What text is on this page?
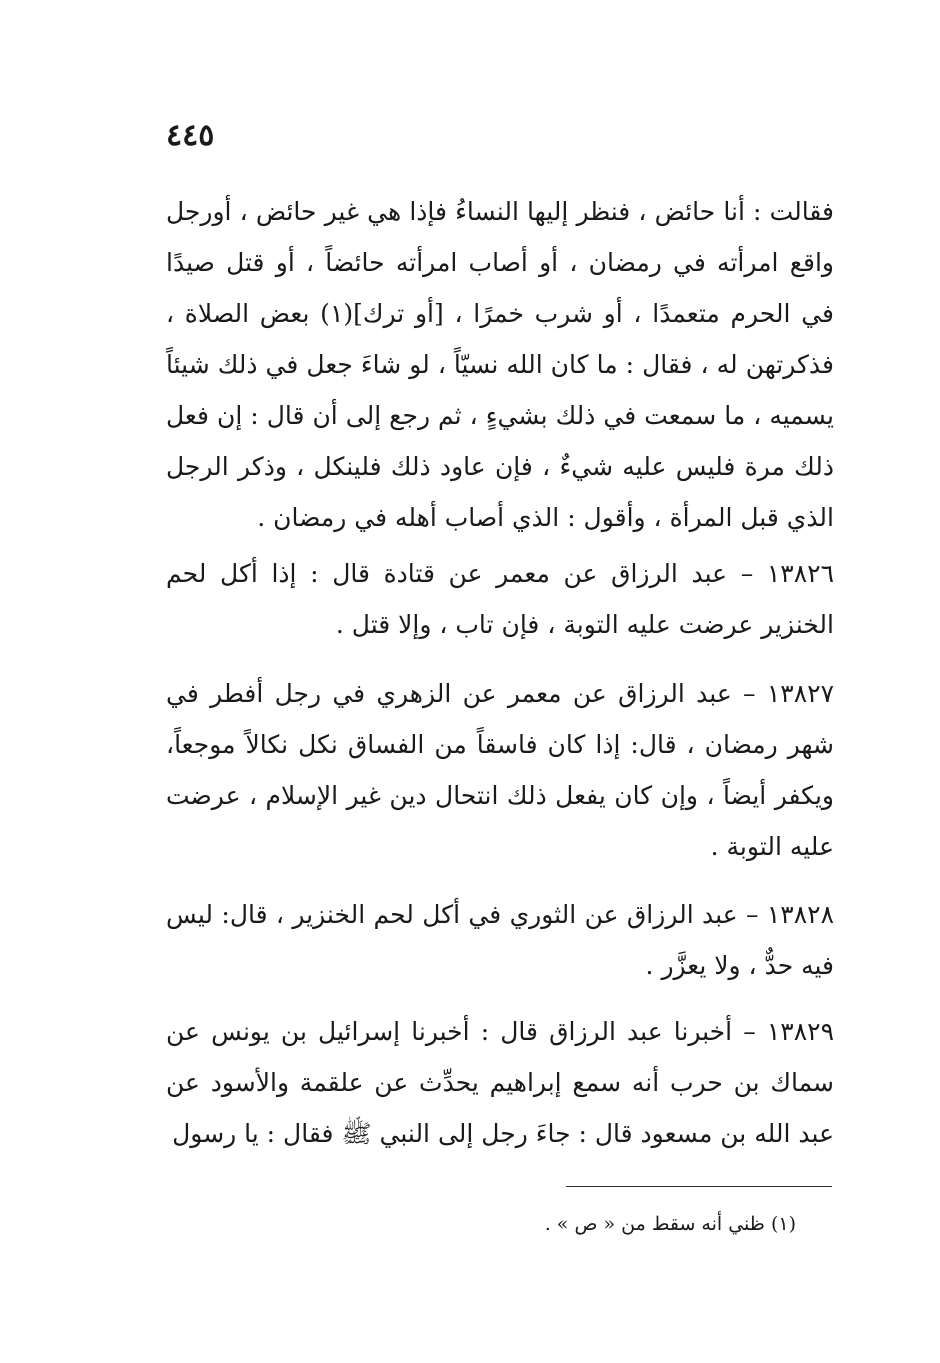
٤٤٥

فقالت : أنا حائض ، فنظر إليها النساءُ فإذا هي غير حائض ، أورجل واقع امرأته في رمضان ، أو أصاب امرأته حائضاً ، أو قتل صيدًا في الحرم متعمدًا ، أو شرب خمرًا ، [أو ترك](١) بعض الصلاة ، فذكرتهن له ، فقال : ما كان الله نسيّاً ، لو شاءَ جعل في ذلك شيئاً يسميه ، ما سمعت في ذلك بشيءٍ ، ثم رجع إلى أن قال : إن فعل ذلك مرة فليس عليه شيءٌ ، فإن عاود ذلك فلينكل ، وذكر الرجل الذي قبل المرأة ، وأقول : الذي أصاب أهله في رمضان .

١٣٨٢٦ – عبد الرزاق عن معمر عن قتادة قال : إذا أكل لحم الخنزير عرضت عليه التوبة ، فإن تاب ، وإلا قتل .

١٣٨٢٧ – عبد الرزاق عن معمر عن الزهري في رجل أفطر في شهر رمضان ، قال: إذا كان فاسقاً من الفساق نكل نكالاً موجعاً، ويكفر أيضاً ، وإن كان يفعل ذلك انتحال دين غير الإسلام ، عرضت عليه التوبة .

١٣٨٢٨ – عبد الرزاق عن الثوري في أكل لحم الخنزير ، قال: ليس فيه حدٌّ ، ولا يعزَّر .

١٣٨٢٩ – أخبرنا عبد الرزاق قال : أخبرنا إسرائيل بن يونس عن سماك بن حرب أنه سمع إبراهيم يحدِّث عن علقمة والأسود عن عبد الله بن مسعود قال : جاءَ رجل إلى النبي ﷺ فقال : يا رسول

(١) ظني أنه سقط من « ص » .
